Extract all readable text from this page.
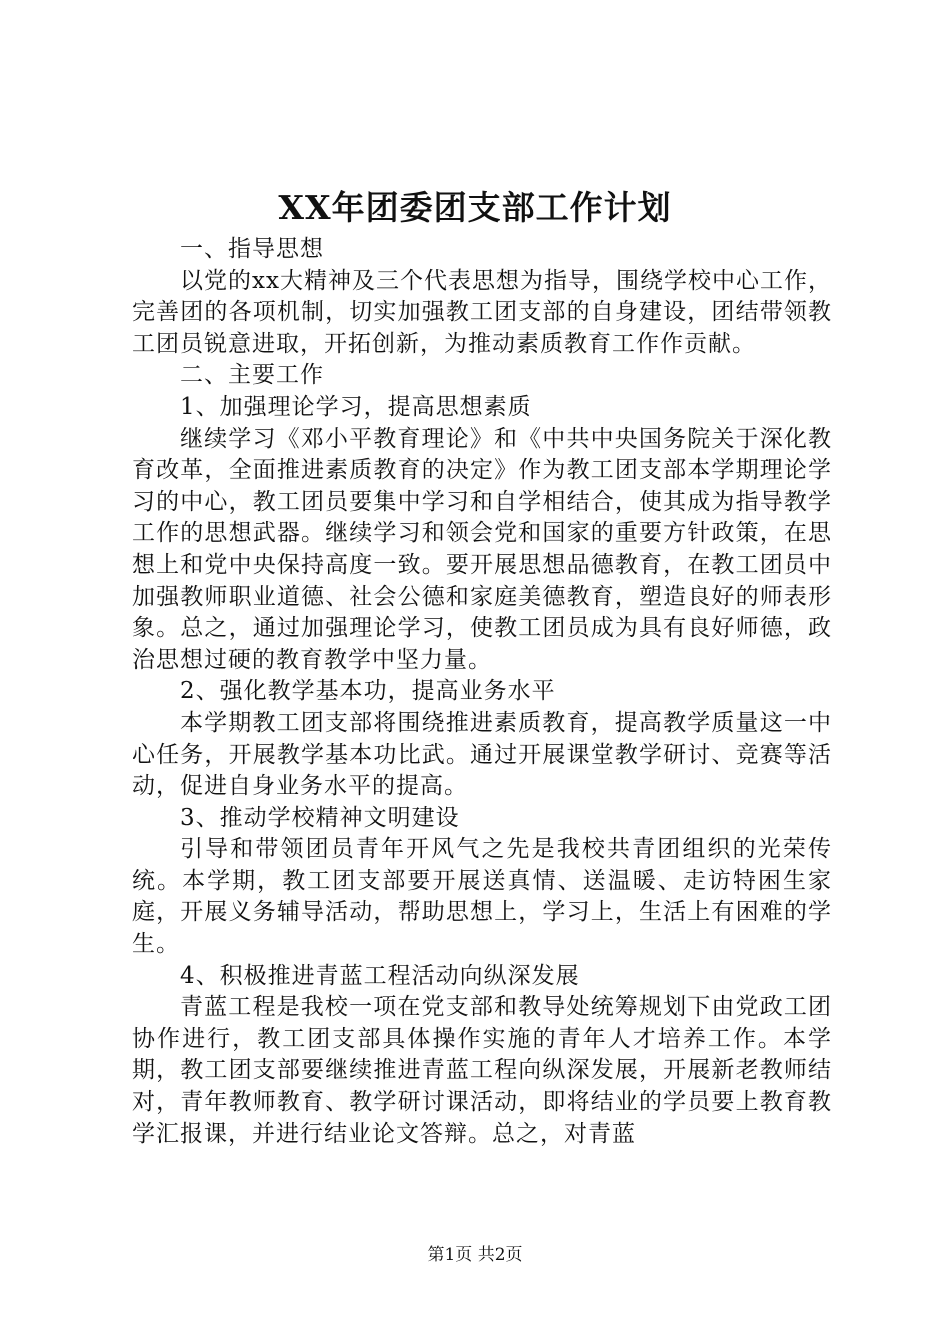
XX年团委团支部工作计划

一、指导思想

以党的xx大精神及三个代表思想为指导，围绕学校中心工作，完善团的各项机制，切实加强教工团支部的自身建设，团结带领教工团员锐意进取，开拓创新，为推动素质教育工作作贡献。

二、主要工作

1、加强理论学习，提高思想素质

继续学习《邓小平教育理论》和《中共中央国务院关于深化教育改革，全面推进素质教育的决定》作为教工团支部本学期理论学习的中心，教工团员要集中学习和自学相结合，使其成为指导教学工作的思想武器。继续学习和领会党和国家的重要方针政策，在思想上和党中央保持高度一致。要开展思想品德教育，在教工团员中加强教师职业道德、社会公德和家庭美德教育，塑造良好的师表形象。总之，通过加强理论学习，使教工团员成为具有良好师德，政治思想过硬的教育教学中坚力量。

2、强化教学基本功，提高业务水平

本学期教工团支部将围绕推进素质教育，提高教学质量这一中心任务，开展教学基本功比武。通过开展课堂教学研讨、竞赛等活动，促进自身业务水平的提高。

3、推动学校精神文明建设

引导和带领团员青年开风气之先是我校共青团组织的光荣传统。本学期，教工团支部要开展送真情、送温暖、走访特困生家庭，开展义务辅导活动，帮助思想上，学习上，生活上有困难的学生。

4、积极推进青蓝工程活动向纵深发展

青蓝工程是我校一项在党支部和教导处统筹规划下由党政工团协作进行，教工团支部具体操作实施的青年人才培养工作。本学期，教工团支部要继续推进青蓝工程向纵深发展，开展新老教师结对，青年教师教育、教学研讨课活动，即将结业的学员要上教育教学汇报课，并进行结业论文答辩。总之，对青蓝

第1页 共2页
